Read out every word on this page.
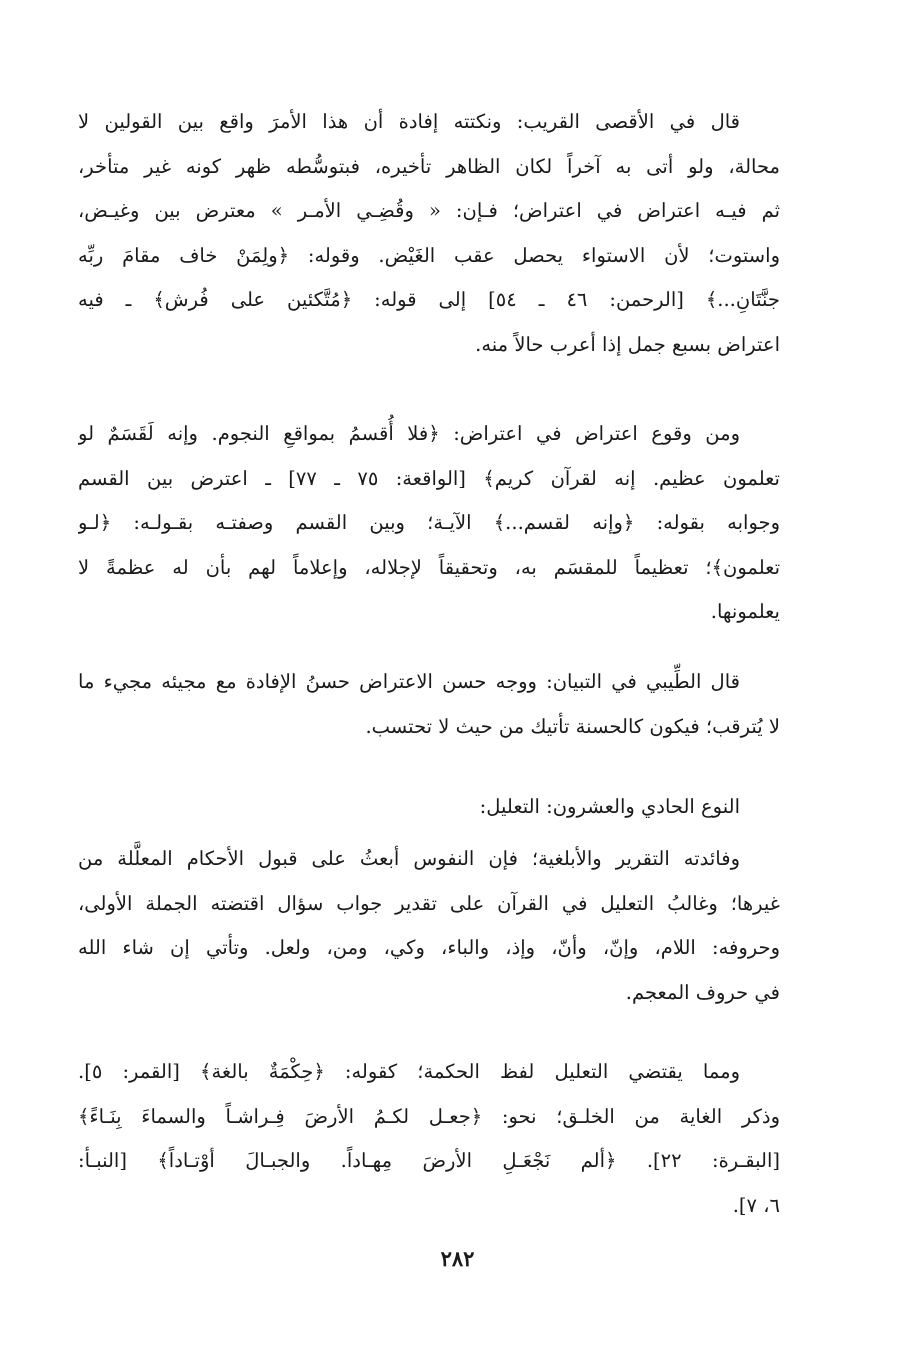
قال في الأقصى القريب: ونكتته إفادة أن هذا الأمرَ واقع بين القولين لا
محالة، ولو أتى به آخراً لكان الظاهر تأخيره، فبتوسُّطه ظهر كونه غير متأخر،
ثم فيـه اعتراض في اعتراض؛ فـإن: « وقُضِـي الأمـر » معترض بين وغيـض،
واستوت؛ لأن الاستواء يحصل عقب الغَيْض. وقوله: ﴿ولِمَنْ خاف مقامَ ربِّه
جنَّتَانِ...﴾ [الرحمن: ٤٦ ـ ٥٤] إلى قوله: ﴿مُتَّكئين على فُرش﴾ ـ فيه
اعتراض بسبع جمل إذا أعرب حالاً منه.
ومن وقوع اعتراض في اعتراض: ﴿فلا أُقسمُ بمواقعِ النجوم. وإنه لَقَسَمٌ لو
تعلمون عظيم. إنه لقرآن كريم﴾ [الواقعة: ٧٥ ـ ٧٧] ـ اعترض بين القسم
وجوابه بقوله: ﴿وإنه لقسم...﴾ الآيـة؛ وبين القسم وصفتـه بقـولـه: ﴿لـو
تعلمون﴾؛ تعظيماً للمقسَم به، وتحقيقاً لإجلاله، وإعلاماً لهم بأن له عظمةً لا
يعلمونها.
قال الطِّيبي في التبيان: ووجه حسن الاعتراض حسنُ الإفادة مع مجيئه مجيء ما
لا يُترقب؛ فيكون كالحسنة تأتيك من حيث لا تحتسب.
النوع الحادي والعشرون: التعليل:
وفائدته التقرير والأبلغية؛ فإن النفوس أبعثُ على قبول الأحكام المعلَّلة من
غيرها؛ وغالبُ التعليل في القرآن على تقدير جواب سؤال اقتضته الجملة الأولى،
وحروفه: اللام، وإنّ، وأنّ، وإذ، والباء، وكي، ومن، ولعل. وتأتي إن شاء الله
في حروف المعجم.
ومما يقتضي التعليل لفظ الحكمة؛ كقوله: ﴿حِكْمَةٌ بالغة﴾ [القمر: ٥].
وذكر الغاية من الخلـق؛ نحو: ﴿جعـل لكـمُ الأرضَ فِـراشـاً والسماءَ بِنَـاءً﴾
[البقـرة: ٢٢]. ﴿ألم نَجْعَـلِ الأرضَ مِهـاداً. والجبـالَ أوْتـاداً﴾ [النبـأ:
٦، ٧].
٢٨٢
